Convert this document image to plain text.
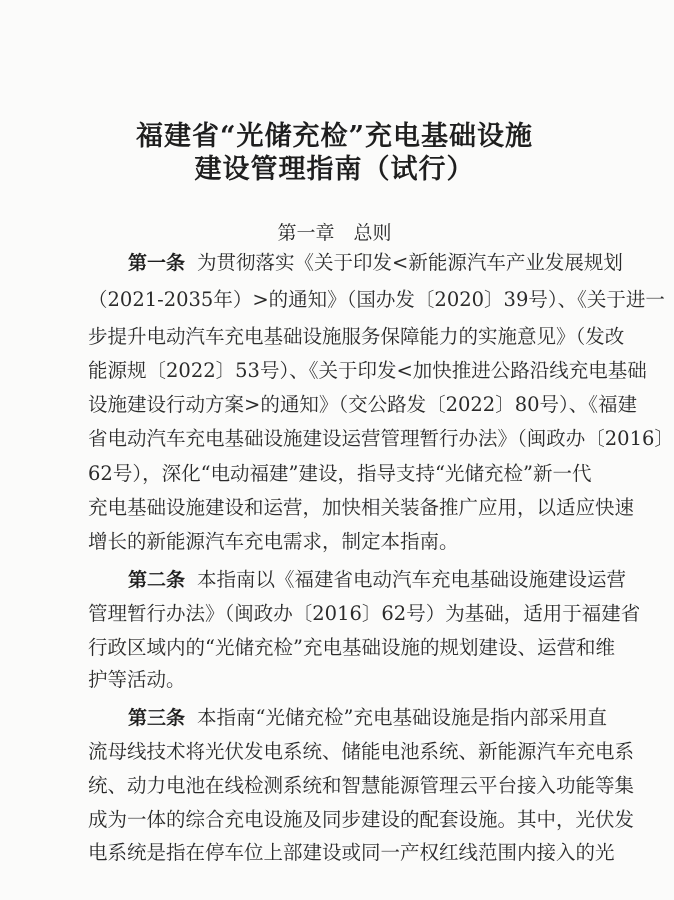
福建省“光储充检”充电基础设施
建设管理指南（试行）
第一章　总则
第一条 为贯彻落实《关于印发<新能源汽车产业发展规划
（2021-2035年）>的通知》（国办发〔2020〕39号）、《关于进一
步提升电动汽车充电基础设施服务保障能力的实施意见》（发改
能源规〔2022〕53号）、《关于印发<加快推进公路沿线充电基础
设施建设行动方案>的通知》（交公路发〔2022〕80号）、《福建
省电动汽车充电基础设施建设运营管理暂行办法》（闽政办〔2016〕
62号），深化“电动福建”建设，指导支持“光储充检”新一代
充电基础设施建设和运营，加快相关装备推广应用，以适应快速
增长的新能源汽车充电需求，制定本指南。
第二条 本指南以《福建省电动汽车充电基础设施建设运营
管理暂行办法》（闽政办〔2016〕62号）为基础，适用于福建省
行政区域内的“光储充检”充电基础设施的规划建设、运营和维
护等活动。
第三条 本指南“光储充检”充电基础设施是指内部采用直
流母线技术将光伏发电系统、储能电池系统、新能源汽车充电系
统、动力电池在线检测系统和智慧能源管理云平台接入功能等集
成为一体的综合充电设施及同步建设的配套设施。其中，光伏发
电系统是指在停车位上部建设或同一产权红线范围内接入的光
